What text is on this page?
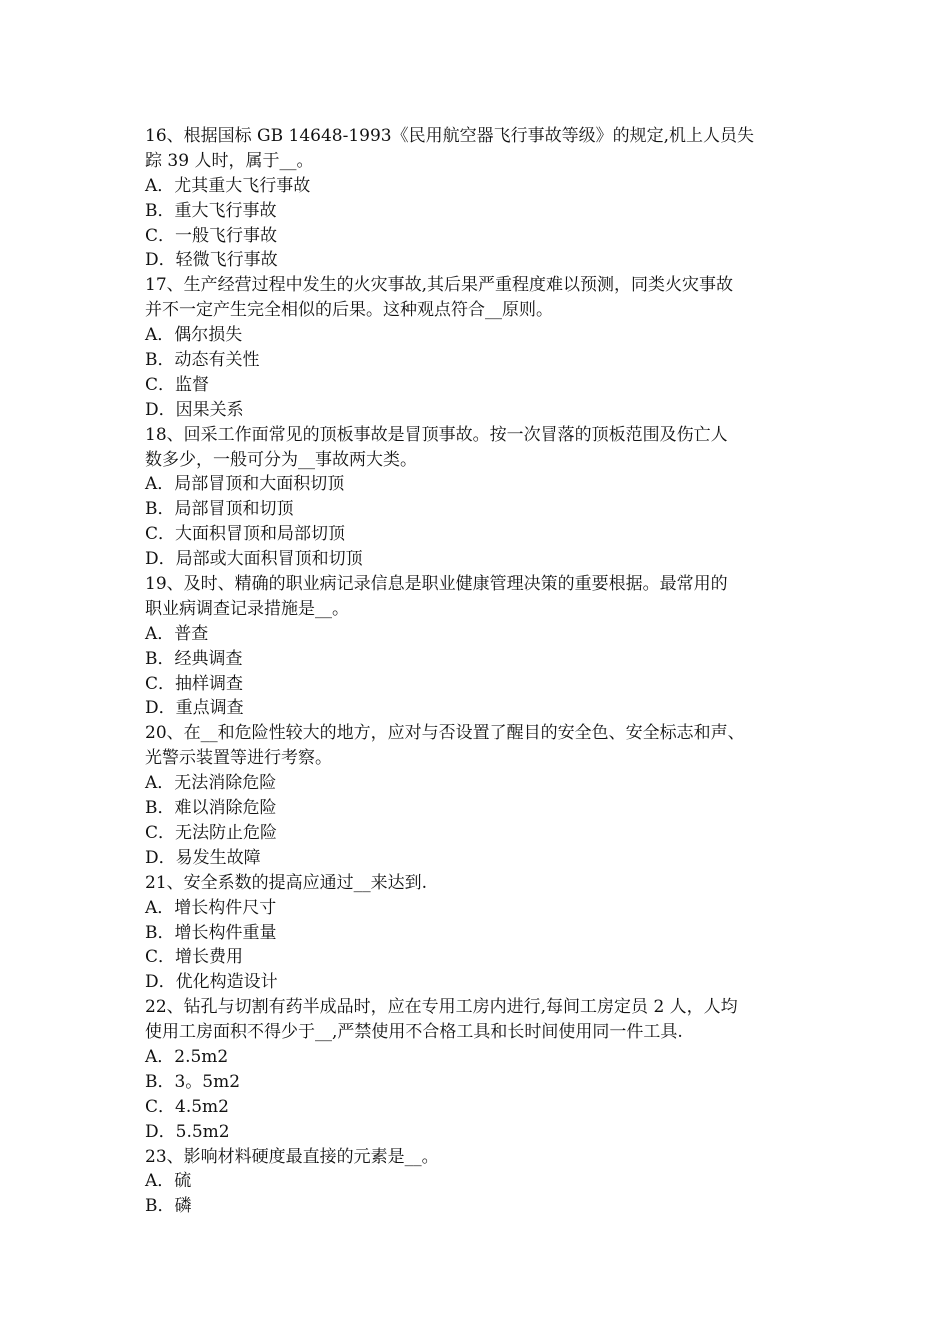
16、根据国标 GB 14648-1993《民用航空器飞行事故等级》的规定,机上人员失
踪 39 人时，属于__。
A．尤其重大飞行事故
B．重大飞行事故
C．一般飞行事故
D．轻微飞行事故
17、生产经营过程中发生的火灾事故,其后果严重程度难以预测，同类火灾事故
并不一定产生完全相似的后果。这种观点符合__原则。
A．偶尔损失
B．动态有关性
C．监督
D．因果关系
18、回采工作面常见的顶板事故是冒顶事故。按一次冒落的顶板范围及伤亡人
数多少，一般可分为__事故两大类。
A．局部冒顶和大面积切顶
B．局部冒顶和切顶
C．大面积冒顶和局部切顶
D．局部或大面积冒顶和切顶
19、及时、精确的职业病记录信息是职业健康管理决策的重要根据。最常用的
职业病调查记录措施是__。
A．普查
B．经典调查
C．抽样调查
D．重点调查
20、在__和危险性较大的地方，应对与否设置了醒目的安全色、安全标志和声、
光警示装置等进行考察。
A．无法消除危险
B．难以消除危险
C．无法防止危险
D．易发生故障
21、安全系数的提高应通过__来达到.
A．增长构件尺寸
B．增长构件重量
C．增长费用
D．优化构造设计
22、钻孔与切割有药半成品时，应在专用工房内进行,每间工房定员 2 人，人均
使用工房面积不得少于__,严禁使用不合格工具和长时间使用同一件工具.
A．2.5m2
B．3。5m2
C．4.5m2
D．5.5m2
23、影响材料硬度最直接的元素是__。
A．硫
B．磷
